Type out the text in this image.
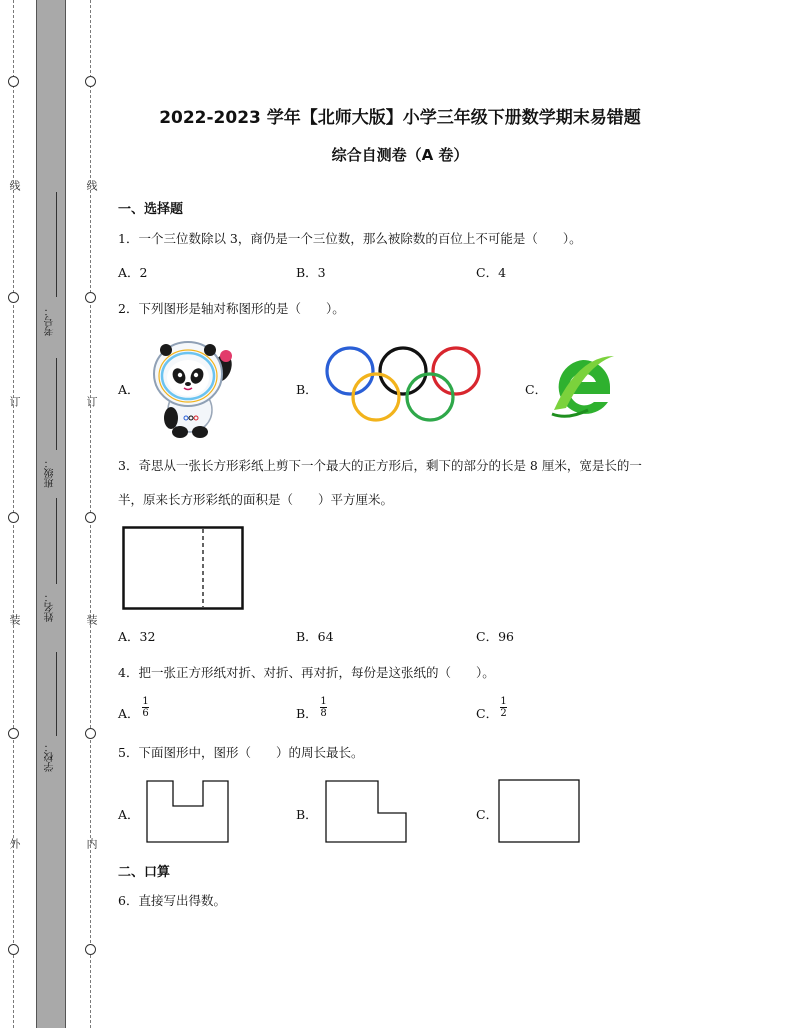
线
订
装
外
线
订
装
内
考号：
班级：
姓名：
学校：
2022-2023 学年【北师大版】小学三年级下册数学期末易错题
综合自测卷（A 卷）
一、选择题
1．一个三位数除以 3，商仍是一个三位数，那么被除数的百位上不可能是（　　）。
A．2	B．3	C．4
2．下列图形是轴对称图形的是（　　）。
A．	B．	C．
3．奇思从一张长方形彩纸上剪下一个最大的正方形后，剩下的部分的长是 8 厘米，宽是长的一
半，原来长方形彩纸的面积是（　　）平方厘米。
A．32	B．64	C．96
4．把一张正方形纸对折、对折、再对折，每份是这张纸的（　　）。
A．
1
6	B．
1
8	C．
1
2
5．下面图形中，图形（　　）的周长最长。
A．	B．	C．
二、口算
6．直接写出得数。
